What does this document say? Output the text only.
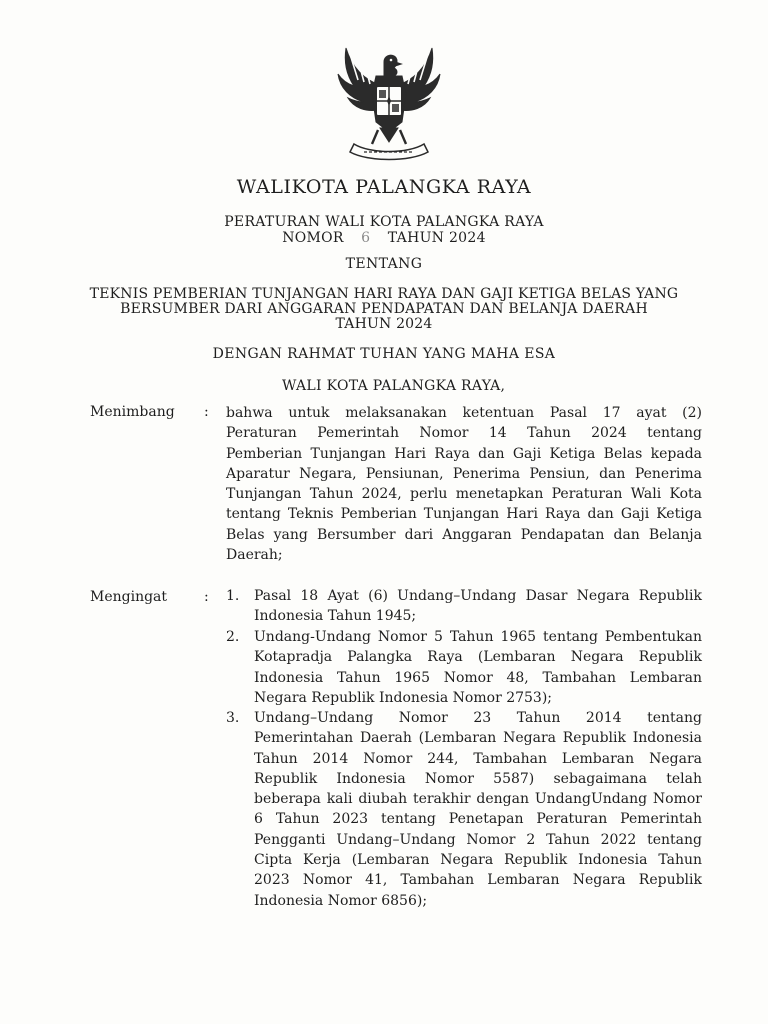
WALIKOTA PALANGKA RAYA
PERATURAN WALI KOTA PALANGKA RAYA
NOMOR 6 TAHUN 2024
TENTANG
TEKNIS PEMBERIAN TUNJANGAN HARI RAYA DAN GAJI KETIGA BELAS YANG
BERSUMBER DARI ANGGARAN PENDAPATAN DAN BELANJA DAERAH
TAHUN 2024
DENGAN RAHMAT TUHAN YANG MAHA ESA
WALI KOTA PALANGKA RAYA,
Menimbang : bahwa untuk melaksanakan ketentuan Pasal 17 ayat (2)
Peraturan Pemerintah Nomor 14 Tahun 2024 tentang
Pemberian Tunjangan Hari Raya dan Gaji Ketiga Belas kepada
Aparatur Negara, Pensiunan, Penerima Pensiun, dan Penerima
Tunjangan Tahun 2024, perlu menetapkan Peraturan Wali Kota
tentang Teknis Pemberian Tunjangan Hari Raya dan Gaji Ketiga
Belas yang Bersumber dari Anggaran Pendapatan dan Belanja
Daerah;
Mengingat	: 1.	Pasal 18 Ayat (6) Undang–Undang Dasar Negara Republik
Indonesia Tahun 1945;
2.	Undang-Undang Nomor 5 Tahun 1965 tentang Pembentukan
Kotapradja Palangka Raya (Lembaran Negara Republik
Indonesia Tahun 1965 Nomor 48, Tambahan Lembaran
Negara Republik Indonesia Nomor 2753);
3.	Undang–Undang Nomor 23 Tahun 2014 tentang
Pemerintahan Daerah (Lembaran Negara Republik Indonesia
Tahun 2014 Nomor 244, Tambahan Lembaran Negara
Republik Indonesia Nomor 5587) sebagaimana telah
beberapa kali diubah terakhir dengan UndangUndang Nomor
6 Tahun 2023 tentang Penetapan Peraturan Pemerintah
Pengganti Undang–Undang Nomor 2 Tahun 2022 tentang
Cipta Kerja (Lembaran Negara Republik Indonesia Tahun
2023 Nomor 41, Tambahan Lembaran Negara Republik
Indonesia Nomor 6856);
